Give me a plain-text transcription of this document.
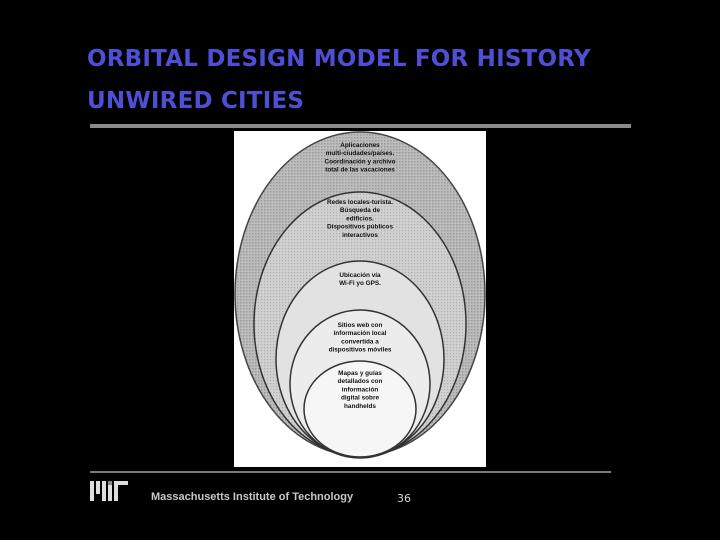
ORBITAL DESIGN MODEL FOR HISTORY
UNWIRED CITIES
Aplicaciones
multi-ciudades/países.
Coordinación y archivo
total de las vacaciones
Redes locales-turista.
Búsqueda de
edificios.
Dispositivos públicos
interactivos
Ubicación vía
Wi-Fi yo GPS.
Sitios web con
información local
convertida a
dispositivos móviles
Mapas y guías
detallados con
información
digital sobre
handhelds
Massachusetts Institute of Technology	36
